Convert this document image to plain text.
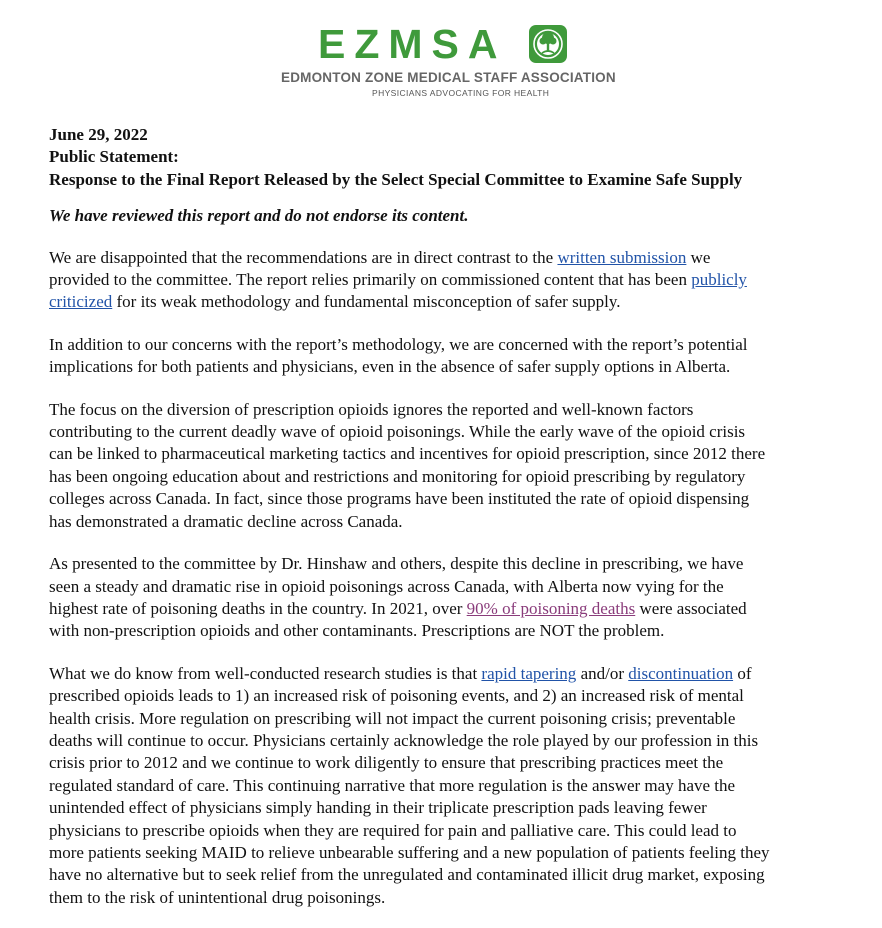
EZMSA
EDMONTON ZONE MEDICAL STAFF ASSOCIATION
PHYSICIANS ADVOCATING FOR HEALTH

June 29, 2022

Public Statement:

Response to the Final Report Released by the Select Special Committee to Examine Safe Supply

We have reviewed this report and do not endorse its content.

We are disappointed that the recommendations are in direct contrast to the written submission we
provided to the committee. The report relies primarily on commissioned content that has been publicly
criticized for its weak methodology and fundamental misconception of safer supply.

In addition to our concerns with the report’s methodology, we are concerned with the report’s potential
implications for both patients and physicians, even in the absence of safer supply options in Alberta.

The focus on the diversion of prescription opioids ignores the reported and well-known factors
contributing to the current deadly wave of opioid poisonings. While the early wave of the opioid crisis
can be linked to pharmaceutical marketing tactics and incentives for opioid prescription, since 2012 there
has been ongoing education about and restrictions and monitoring for opioid prescribing by regulatory
colleges across Canada. In fact, since those programs have been instituted the rate of opioid dispensing
has demonstrated a dramatic decline across Canada.

As presented to the committee by Dr. Hinshaw and others, despite this decline in prescribing, we have
seen a steady and dramatic rise in opioid poisonings across Canada, with Alberta now vying for the
highest rate of poisoning deaths in the country. In 2021, over 90% of poisoning deaths were associated
with non-prescription opioids and other contaminants. Prescriptions are NOT the problem.

What we do know from well-conducted research studies is that rapid tapering and/or discontinuation of
prescribed opioids leads to 1) an increased risk of poisoning events, and 2) an increased risk of mental
health crisis. More regulation on prescribing will not impact the current poisoning crisis; preventable
deaths will continue to occur. Physicians certainly acknowledge the role played by our profession in this
crisis prior to 2012 and we continue to work diligently to ensure that prescribing practices meet the
regulated standard of care. This continuing narrative that more regulation is the answer may have the
unintended effect of physicians simply handing in their triplicate prescription pads leaving fewer
physicians to prescribe opioids when they are required for pain and palliative care. This could lead to
more patients seeking MAID to relieve unbearable suffering and a new population of patients feeling they
have no alternative but to seek relief from the unregulated and contaminated illicit drug market, exposing
them to the risk of unintentional drug poisonings.
